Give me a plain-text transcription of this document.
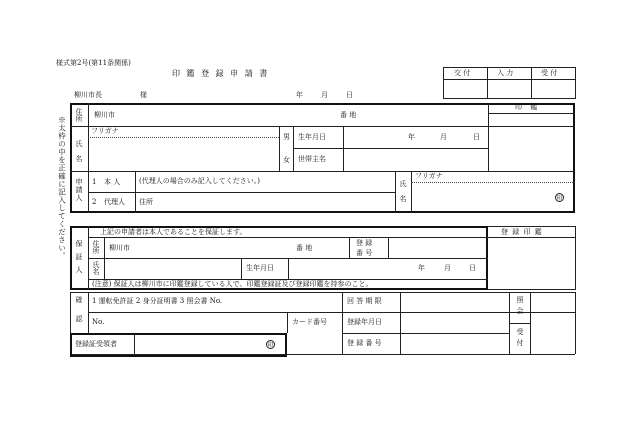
様式第2号(第11条関係)
印 鑑 登 録 申 請 書	交 付	入 力	受 付
柳川市長	様	年	月	日
※太枠の中を正確に記入してください。
住所 柳川市	番 地
印 鑑
フリガナ
氏名
男
女
生年月日	年	月	日
世帯主名
申請人 1 本 人	(代理人の場合のみ記入してください。)
2 代理人 住所	氏名
フリガナ
印
保証人
上記の申請者は本人であることを保証します。	登 録 印 鑑
住所 柳川市	番 地
登 録
番 号
氏名	生年月日	年	月	日
(注意) 保証人は柳川市に印鑑登録している人で、印鑑登録証及び登録印鑑を持参のこと。
確認 1 運転免許証 2 身分証明書 3 照会書 No.
No.	カード番号
回 答 期 限
登録年月日
登 録 番 号
照会
受付
登録証受領者	印
